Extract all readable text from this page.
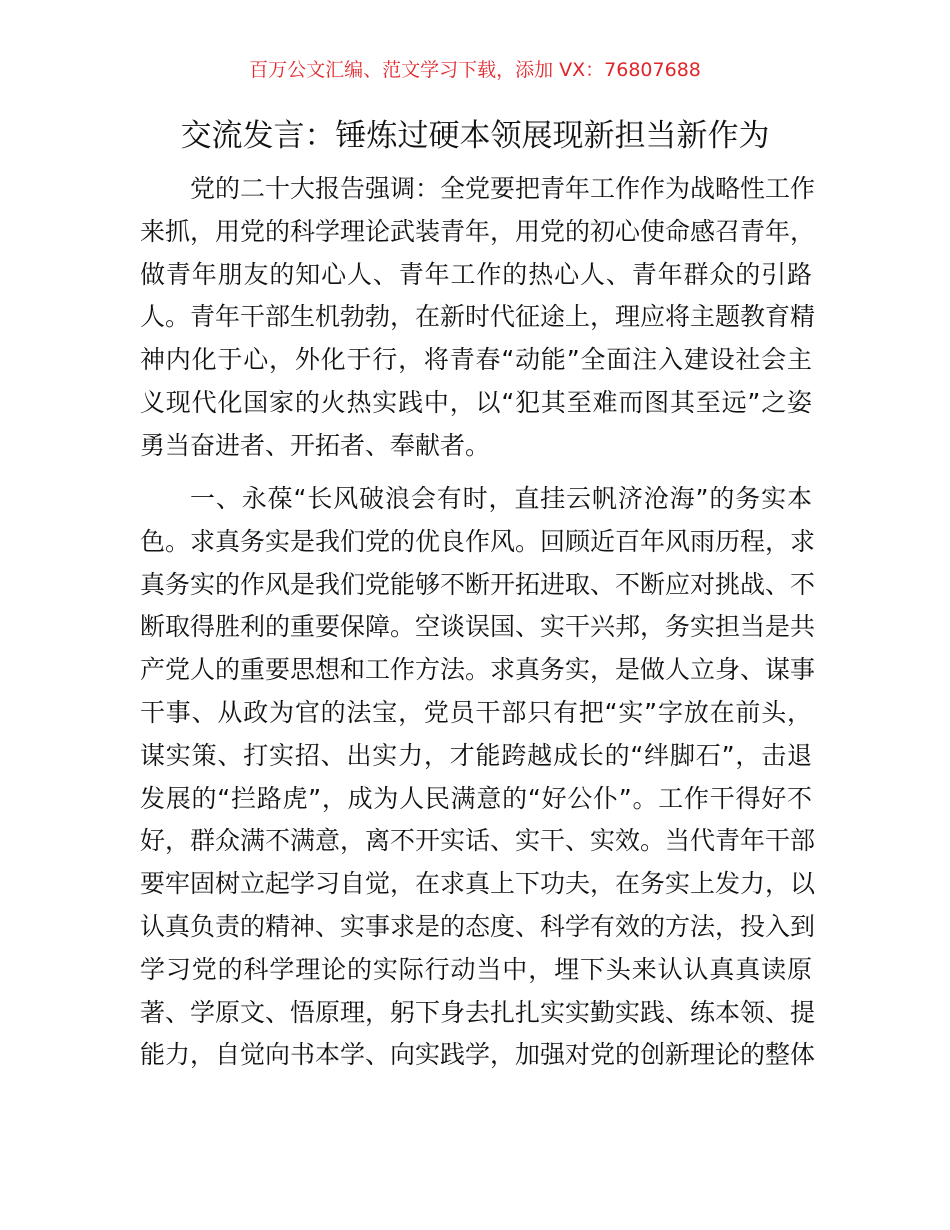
百万公文汇编、范文学习下载，添加 VX：76807688
交流发言：锤炼过硬本领展现新担当新作为
党的二十大报告强调：全党要把青年工作作为战略性工作
来抓，用党的科学理论武装青年，用党的初心使命感召青年，
做青年朋友的知心人、青年工作的热心人、青年群众的引路
人。青年干部生机勃勃，在新时代征途上，理应将主题教育精
神内化于心，外化于行，将青春“动能”全面注入建设社会主
义现代化国家的火热实践中，以“犯其至难而图其至远”之姿
勇当奋进者、开拓者、奉献者。
一、永葆“长风破浪会有时，直挂云帆济沧海”的务实本
色。求真务实是我们党的优良作风。回顾近百年风雨历程，求
真务实的作风是我们党能够不断开拓进取、不断应对挑战、不
断取得胜利的重要保障。空谈误国、实干兴邦，务实担当是共
产党人的重要思想和工作方法。求真务实，是做人立身、谋事
干事、从政为官的法宝，党员干部只有把“实”字放在前头，
谋实策、打实招、出实力，才能跨越成长的“绊脚石”，击退
发展的“拦路虎”，成为人民满意的“好公仆”。工作干得好不
好，群众满不满意，离不开实话、实干、实效。当代青年干部
要牢固树立起学习自觉，在求真上下功夫，在务实上发力，以
认真负责的精神、实事求是的态度、科学有效的方法，投入到
学习党的科学理论的实际行动当中，埋下头来认认真真读原
著、学原文、悟原理，躬下身去扎扎实实勤实践、练本领、提
能力，自觉向书本学、向实践学，加强对党的创新理论的整体
